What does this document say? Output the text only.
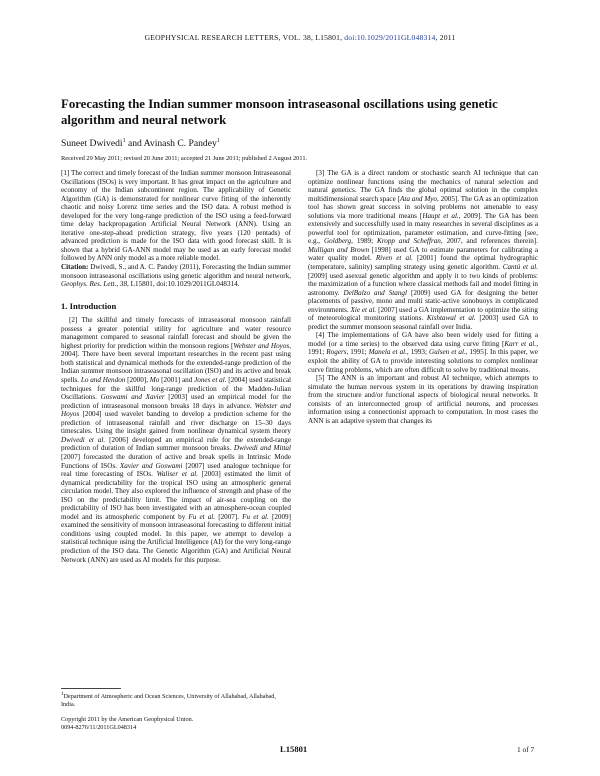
GEOPHYSICAL RESEARCH LETTERS, VOL. 38, L15801, doi:10.1029/2011GL048314, 2011
Forecasting the Indian summer monsoon intraseasonal oscillations using genetic algorithm and neural network

Suneet Dwivedi$^1$ and Avinash C. Pandey$^1$

Received 29 May 2011; revised 20 June 2011; accepted 21 June 2011; published 2 August 2011.

[1] The correct and timely forecast of the Indian summer monsoon Intraseasonal Oscillations (ISOs) is very important. It has great impact on the agriculture and economy of the Indian subcontinent region. The applicability of Genetic Algorithm (GA) is demonstrated for nonlinear curve fitting of the inherently chaotic and noisy Lorenz time series and the ISO data. A robust method is developed for the very long-range prediction of the ISO using a feed-forward time delay backpropagation Artificial Neural Network (ANN). Using an iterative one-step-ahead prediction strategy, five years (120 pentads) of advanced prediction is made for the ISO data with good forecast skill. It is shown that a hybrid GA-ANN model may be used as an early forecast model followed by ANN only model as a more reliable model.

Citation: Dwivedi, S., and A. C. Pandey (2011), Forecasting the Indian summer monsoon intraseasonal oscillations using genetic algorithm and neural network, Geophys. Res. Lett., 38, L15801, doi:10.1029/2011GL048314.

1. Introduction

[2] The skillful and timely forecasts of intraseasonal monsoon rainfall possess a greater potential utility for agriculture and water resource management compared to seasonal rainfall forecast and should be given the highest priority for prediction within the monsoon regions [Webster and Hoyos, 2004]. There have been several important researches in the recent past using both statistical and dynamical methods for the extended-range prediction of the Indian summer monsoon intraseasonal oscillation (ISO) and its active and break spells. Lo and Hendon [2000], Mo [2001] and Jones et al. [2004] used statistical techniques for the skillful long-range prediction of the Madden-Julian Oscillations. Goswami and Xavier [2003] used an empirical model for the prediction of intraseasonal monsoon breaks 18 days in advance. Webster and Hoyos [2004] used wavelet banding to develop a prediction scheme for the prediction of intraseasonal rainfall and river discharge on 15–30 days timescales. Using the insight gained from nonlinear dynamical system theory Dwivedi et al. [2006] developed an empirical rule for the extended-range prediction of duration of Indian summer monsoon breaks. Dwivedi and Mittal [2007] forecasted the duration of active and break spells in Intrinsic Mode Functions of ISOs. Xavier and Goswami [2007] used analogue technique for real time forecasting of ISOs. Waliser et al. [2003] estimated the limit of dynamical predictability for the tropical ISO using an atmospheric general circulation model. They also explored the influence of strength and phase of the ISO on the predictability limit. The impact of air-sea coupling on the predictability of ISO has been investigated with an atmosphere-ocean coupled model and its atmospheric component by Fu et al. [2007]. Fu et al. [2009] examined the sensitivity of monsoon intraseasonal forecasting to different initial conditions using coupled model. In this paper, we attempt to develop a statistical technique using the Artificial Intelligence (AI) for the very long-range prediction of the ISO data. The Genetic Algorithm (GA) and Artificial Neural Network (ANN) are used as AI models for this purpose.

[3] The GA is a direct random or stochastic search AI technique that can optimize nonlinear functions using the mechanics of natural selection and natural genetics. The GA finds the global optimal solution in the complex multidimensional search space [Ata and Myo, 2005]. The GA as an optimization tool has shown great success in solving problems not amenable to easy solutions via more traditional means [Haupt et al., 2009]. The GA has been extensively and successfully used in many researches in several disciplines as a powerful tool for optimization, parameter estimation, and curve-fitting [see, e.g., Goldberg, 1989; Kropp and Scheffran, 2007, and references therein]. Mulligan and Brown [1998] used GA to estimate parameters for calibrating a water quality model. Riven et al. [2001] found the optimal hydrographic (temperature, salinity) sampling strategy using genetic algorithm. Cantú et al. [2009] used asexual genetic algorithm and apply it to two kinds of problems: the maximization of a function where classical methods fail and model fitting in astronomy. DelBalzo and Stangl [2009] used GA for designing the better placements of passive, mono and multi static-active sonobuoys in complicated environments. Xie et al. [2007] used a GA implementation to optimize the siting of meteorological monitoring stations. Kishtawal et al. [2003] used GA to predict the summer monsoon seasonal rainfall over India.

[4] The implementations of GA have also been widely used for fitting a model (or a time series) to the observed data using curve fitting [Karr et al., 1991; Rogers, 1991; Manela et al., 1993; Gulsen et al., 1995]. In this paper, we exploit the ability of GA to provide interesting solutions to complex nonlinear curve fitting problems, which are often difficult to solve by traditional means.

[5] The ANN is an important and robust AI technique, which attempts to simulate the human nervous system in its operations by drawing inspiration from the structure and/or functional aspects of biological neural networks. It consists of an interconnected group of artificial neurons, and processes information using a connectionist approach to computation. In most cases the ANN is an adaptive system that changes its

$^1$Department of Atmospheric and Ocean Sciences, University of Allahabad, Allahabad, India.

Copyright 2011 by the American Geophysical Union.
0094-8276/11/2011GL048314

L15801	1 of 7
